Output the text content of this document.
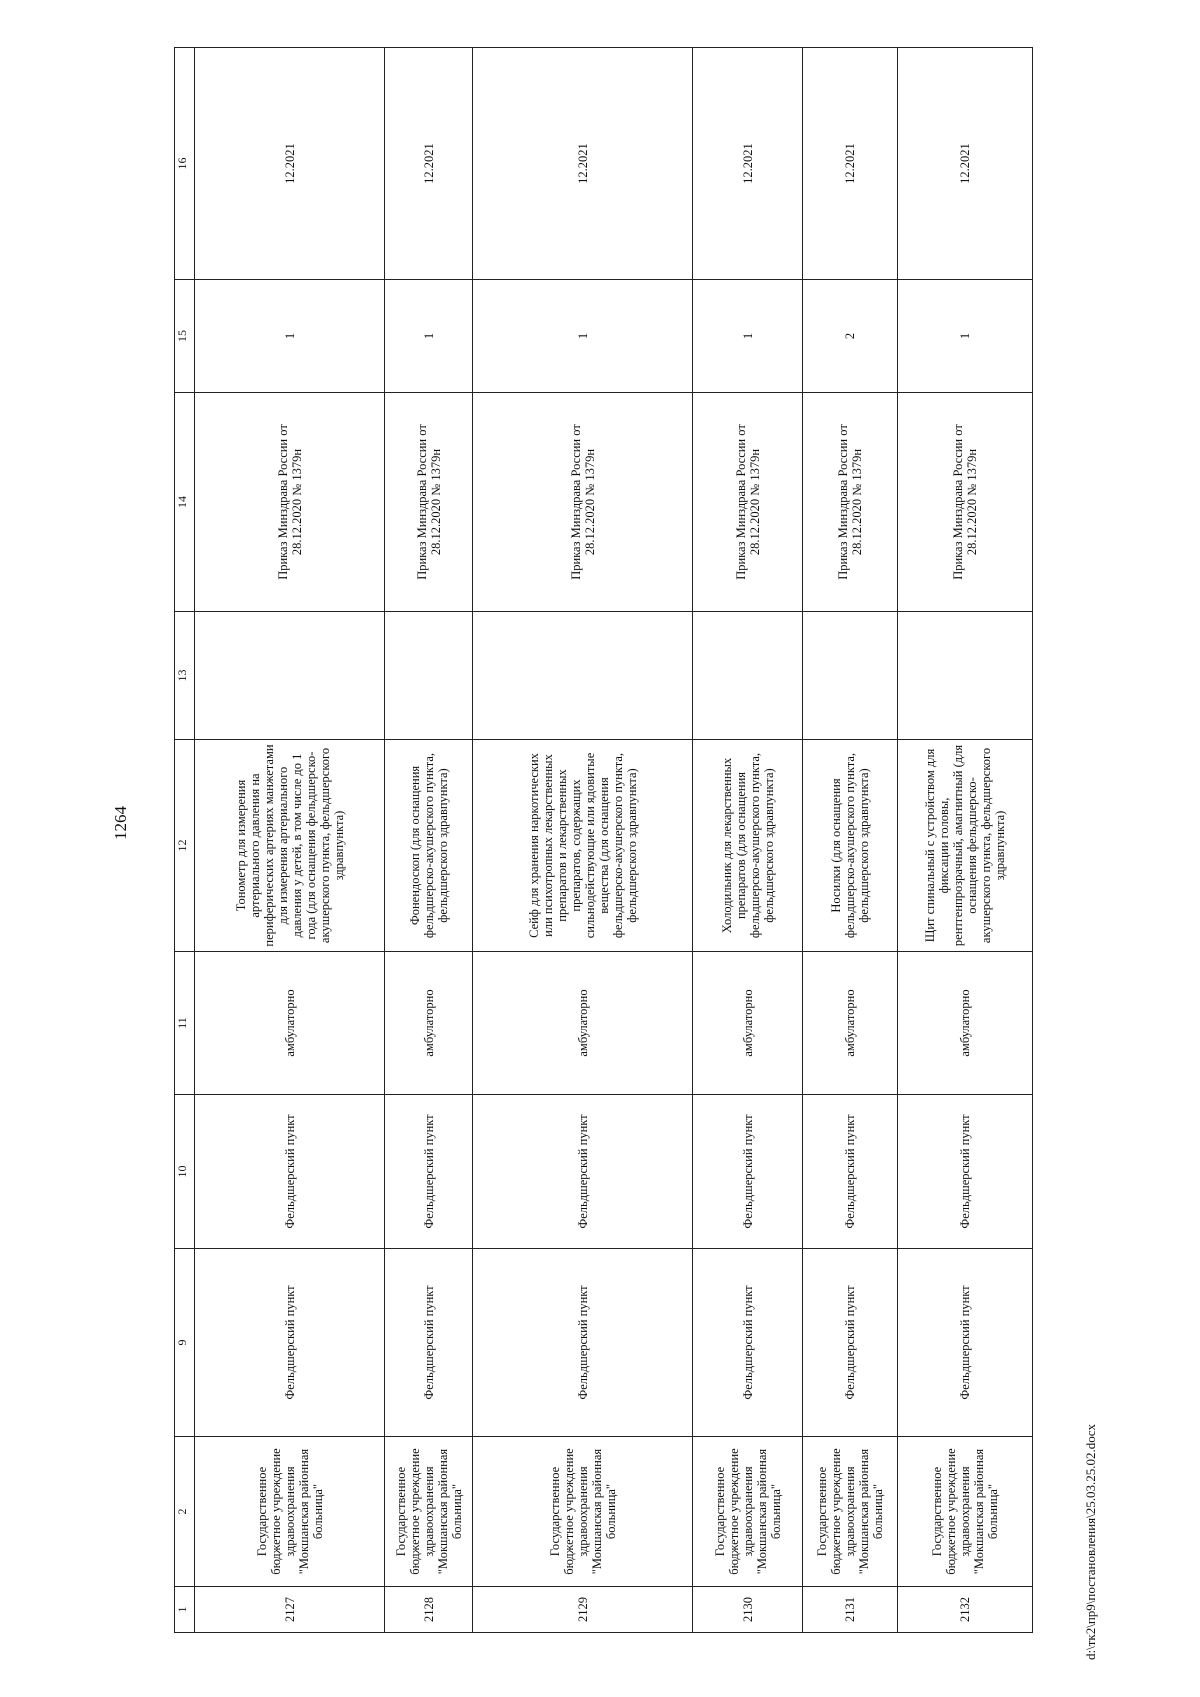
1264
1	2	9	10	11	12	13	14	15	16
2127	Государственное бюджетное учреждение здравоохранения "Мокшанская районная больница"	Фельдшерский пункт	Фельдшерский пункт	амбулаторно	Тонометр для измерения артериального давления на периферических артериях манжетами для измерения артериального давления у детей, в том числе до 1 года (для оснащения фельдшерско-акушерского пункта, фельдшерского здравпункта)		Приказ Минздрава России от 28.12.2020 № 1379н	1	12.2021
2128	Государственное бюджетное учреждение здравоохранения "Мокшанская районная больница"	Фельдшерский пункт	Фельдшерский пункт	амбулаторно	Фонендоскоп (для оснащения фельдшерско-акушерского пункта, фельдшерского здравпункта)		Приказ Минздрава России от 28.12.2020 № 1379н	1	12.2021
2129	Государственное бюджетное учреждение здравоохранения "Мокшанская районная больница"	Фельдшерский пункт	Фельдшерский пункт	амбулаторно	Сейф для хранения наркотических или психотропных лекарственных препаратов и лекарственных препаратов, содержащих сильнодействующие или ядовитые вещества (для оснащения фельдшерско-акушерского пункта, фельдшерского здравпункта)		Приказ Минздрава России от 28.12.2020 № 1379н	1	12.2021
2130	Государственное бюджетное учреждение здравоохранения "Мокшанская районная больница"	Фельдшерский пункт	Фельдшерский пункт	амбулаторно	Холодильник для лекарственных препаратов (для оснащения фельдшерско-акушерского пункта, фельдшерского здравпункта)		Приказ Минздрава России от 28.12.2020 № 1379н	1	12.2021
2131	Государственное бюджетное учреждение здравоохранения "Мокшанская районная больница"	Фельдшерский пункт	Фельдшерский пункт	амбулаторно	Носилки (для оснащения фельдшерско-акушерского пункта, фельдшерского здравпункта)		Приказ Минздрава России от 28.12.2020 № 1379н	2	12.2021
2132	Государственное бюджетное учреждение здравоохранения "Мокшанская районная больница"	Фельдшерский пункт	Фельдшерский пункт	амбулаторно	Щит спинальный с устройством для фиксации головы, рентгенпрозрачный, амагнитный (для оснащения фельдшерско-акушерского пункта, фельдшерского здравпункта)		Приказ Минздрава России от 28.12.2020 № 1379н	1	12.2021
d:\тк2\пр9\постановления\25.03.25.02.docx
